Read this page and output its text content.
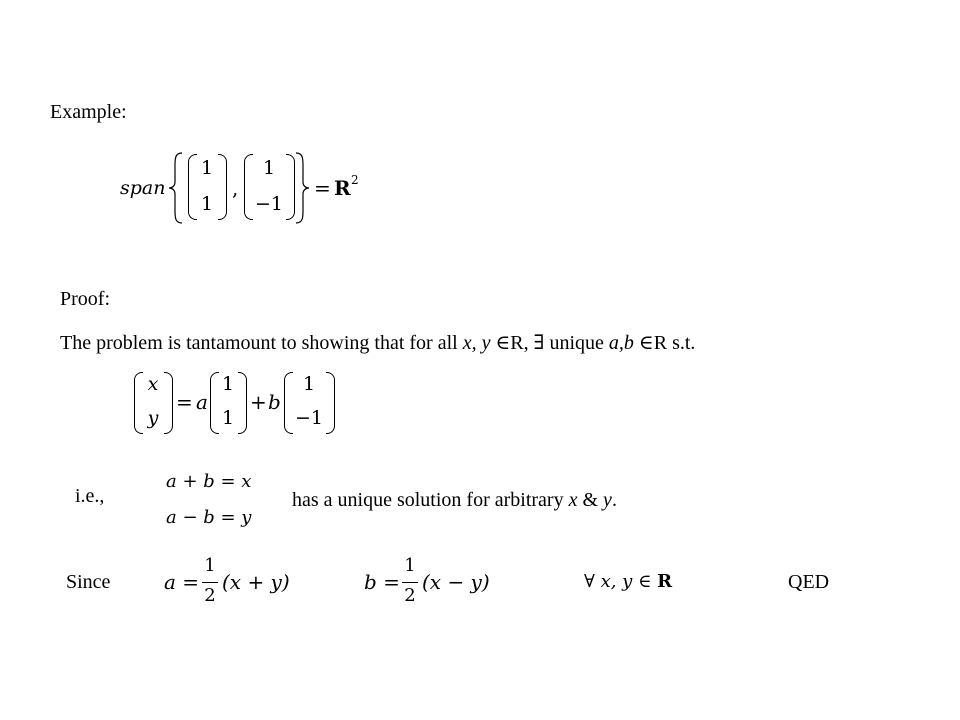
Example:
span
1
1
,
1
−1
= R 2
Proof:
The problem is tantamount to showing that for all x, y ∈R, ∃ unique a,b ∈R s.t.
x
y
= a
1
1
+ b
1
−1
i.e.,
a + b = x
a − b = y
has a unique solution for arbitrary x & y.
Since	a =
1
2
(x + y)	b =
1
2
(x − y)	∀ x, y ∈ R	QED
